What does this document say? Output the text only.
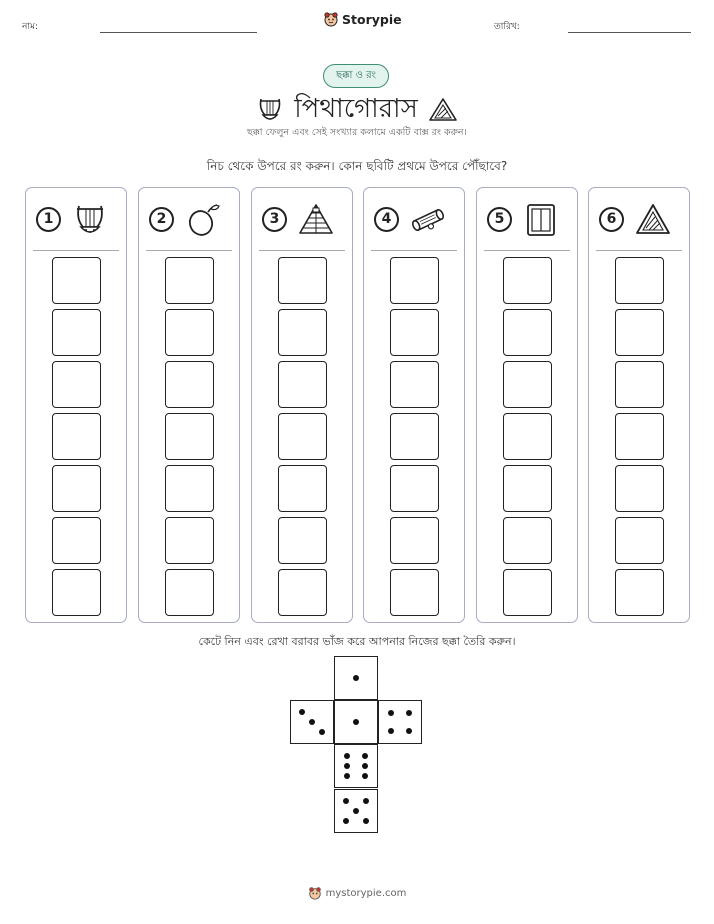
নাম:
Storypie
তারিখ:
ছক্কা ও রং
পিথাগোরাস
ছক্কা ফেলুন এবং সেই সংখ্যার কলামে একটি বাক্স রং করুন।
নিচ থেকে উপরে রং করুন। কোন ছবিটি প্রথমে উপরে পৌঁছাবে?
1	2	3	4	5	6
কেটে নিন এবং রেখা বরাবর ভাঁজ করে আপনার নিজের ছক্কা তৈরি করুন।
mystorypie.com
